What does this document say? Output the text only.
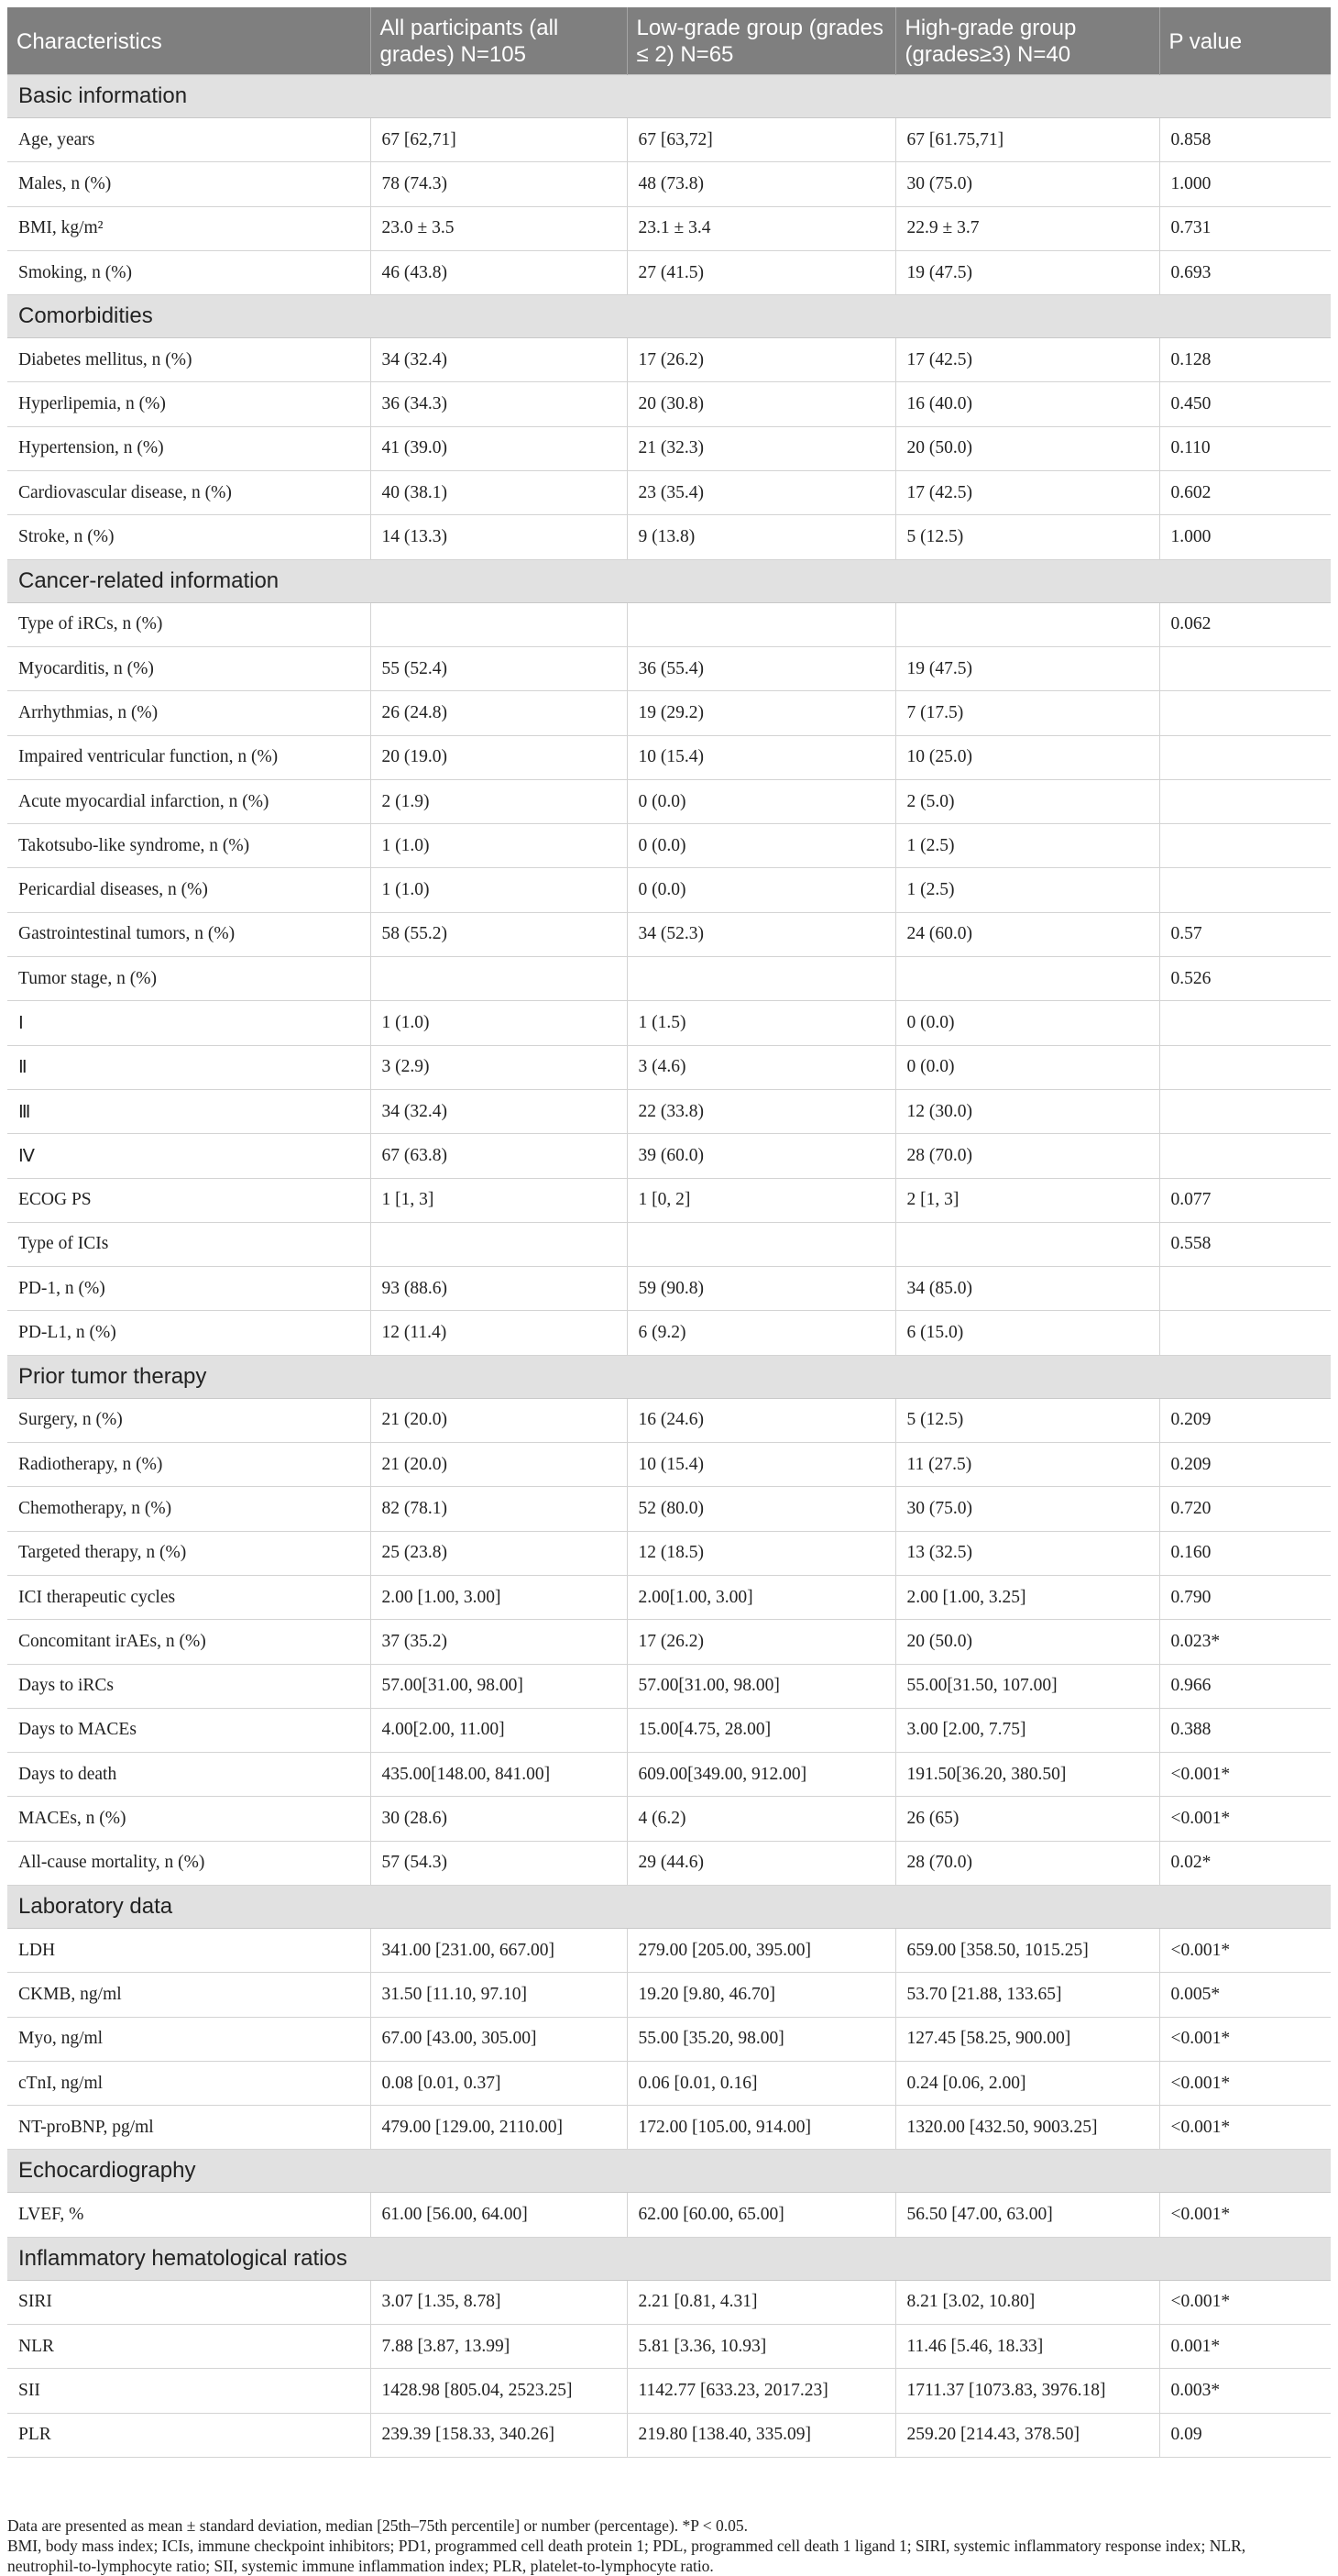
Characteristics	All participants (all grades) N=105	Low-grade group (grades ≤ 2) N=65	High-grade group (grades≥3) N=40	P value
Basic information				
Age, years	67 [62,71]	67 [63,72]	67 [61.75,71]	0.858
Males, n (%)	78 (74.3)	48 (73.8)	30 (75.0)	1.000
BMI, kg/m²	23.0 ± 3.5	23.1 ± 3.4	22.9 ± 3.7	0.731
Smoking, n (%)	46 (43.8)	27 (41.5)	19 (47.5)	0.693
Comorbidities				
Diabetes mellitus, n (%)	34 (32.4)	17 (26.2)	17 (42.5)	0.128
Hyperlipemia, n (%)	36 (34.3)	20 (30.8)	16 (40.0)	0.450
Hypertension, n (%)	41 (39.0)	21 (32.3)	20 (50.0)	0.110
Cardiovascular disease, n (%)	40 (38.1)	23 (35.4)	17 (42.5)	0.602
Stroke, n (%)	14 (13.3)	9 (13.8)	5 (12.5)	1.000
Cancer-related information				
Type of iRCs, n (%)				0.062
Myocarditis, n (%)	55 (52.4)	36 (55.4)	19 (47.5)	
Arrhythmias, n (%)	26 (24.8)	19 (29.2)	7 (17.5)	
Impaired ventricular function, n (%)	20 (19.0)	10 (15.4)	10 (25.0)	
Acute myocardial infarction, n (%)	2 (1.9)	0 (0.0)	2 (5.0)	
Takotsubo-like syndrome, n (%)	1 (1.0)	0 (0.0)	1 (2.5)	
Pericardial diseases, n (%)	1 (1.0)	0 (0.0)	1 (2.5)	
Gastrointestinal tumors, n (%)	58 (55.2)	34 (52.3)	24 (60.0)	0.57
Tumor stage, n (%)				0.526
Ⅰ	1 (1.0)	1 (1.5)	0 (0.0)	
Ⅱ	3 (2.9)	3 (4.6)	0 (0.0)	
Ⅲ	34 (32.4)	22 (33.8)	12 (30.0)	
Ⅳ	67 (63.8)	39 (60.0)	28 (70.0)	
ECOG PS	1 [1, 3]	1 [0, 2]	2 [1, 3]	0.077
Type of ICIs				0.558
PD-1, n (%)	93 (88.6)	59 (90.8)	34 (85.0)	
PD-L1, n (%)	12 (11.4)	6 (9.2)	6 (15.0)	
Prior tumor therapy				
Surgery, n (%)	21 (20.0)	16 (24.6)	5 (12.5)	0.209
Radiotherapy, n (%)	21 (20.0)	10 (15.4)	11 (27.5)	0.209
Chemotherapy, n (%)	82 (78.1)	52 (80.0)	30 (75.0)	0.720
Targeted therapy, n (%)	25 (23.8)	12 (18.5)	13 (32.5)	0.160
ICI therapeutic cycles	2.00 [1.00, 3.00]	2.00[1.00, 3.00]	2.00 [1.00, 3.25]	0.790
Concomitant irAEs, n (%)	37 (35.2)	17 (26.2)	20 (50.0)	0.023*
Days to iRCs	57.00[31.00, 98.00]	57.00[31.00, 98.00]	55.00[31.50, 107.00]	0.966
Days to MACEs	4.00[2.00, 11.00]	15.00[4.75, 28.00]	3.00 [2.00, 7.75]	0.388
Days to death	435.00[148.00, 841.00]	609.00[349.00, 912.00]	191.50[36.20, 380.50]	<0.001*
MACEs, n (%)	30 (28.6)	4 (6.2)	26 (65)	<0.001*
All-cause mortality, n (%)	57 (54.3)	29 (44.6)	28 (70.0)	0.02*
Laboratory data				
LDH	341.00 [231.00, 667.00]	279.00 [205.00, 395.00]	659.00 [358.50, 1015.25]	<0.001*
CKMB, ng/ml	31.50 [11.10, 97.10]	19.20 [9.80, 46.70]	53.70 [21.88, 133.65]	0.005*
Myo, ng/ml	67.00 [43.00, 305.00]	55.00 [35.20, 98.00]	127.45 [58.25, 900.00]	<0.001*
cTnI, ng/ml	0.08 [0.01, 0.37]	0.06 [0.01, 0.16]	0.24 [0.06, 2.00]	<0.001*
NT-proBNP, pg/ml	479.00 [129.00, 2110.00]	172.00 [105.00, 914.00]	1320.00 [432.50, 9003.25]	<0.001*
Echocardiography				
LVEF, %	61.00 [56.00, 64.00]	62.00 [60.00, 65.00]	56.50 [47.00, 63.00]	<0.001*
Inflammatory hematological ratios				
SIRI	3.07 [1.35, 8.78]	2.21 [0.81, 4.31]	8.21 [3.02, 10.80]	<0.001*
NLR	7.88 [3.87, 13.99]	5.81 [3.36, 10.93]	11.46 [5.46, 18.33]	0.001*
SII	1428.98 [805.04, 2523.25]	1142.77 [633.23, 2017.23]	1711.37 [1073.83, 3976.18]	0.003*
PLR	239.39 [158.33, 340.26]	219.80 [138.40, 335.09]	259.20 [214.43, 378.50]	0.09
Data are presented as mean ± standard deviation, median [25th–75th percentile] or number (percentage). *P < 0.05.
BMI, body mass index; ICIs, immune checkpoint inhibitors; PD1, programmed cell death protein 1; PDL, programmed cell death 1 ligand 1; SIRI, systemic inflammatory response index; NLR,
neutrophil-to-lymphocyte ratio; SII, systemic immune inflammation index; PLR, platelet-to-lymphocyte ratio.
